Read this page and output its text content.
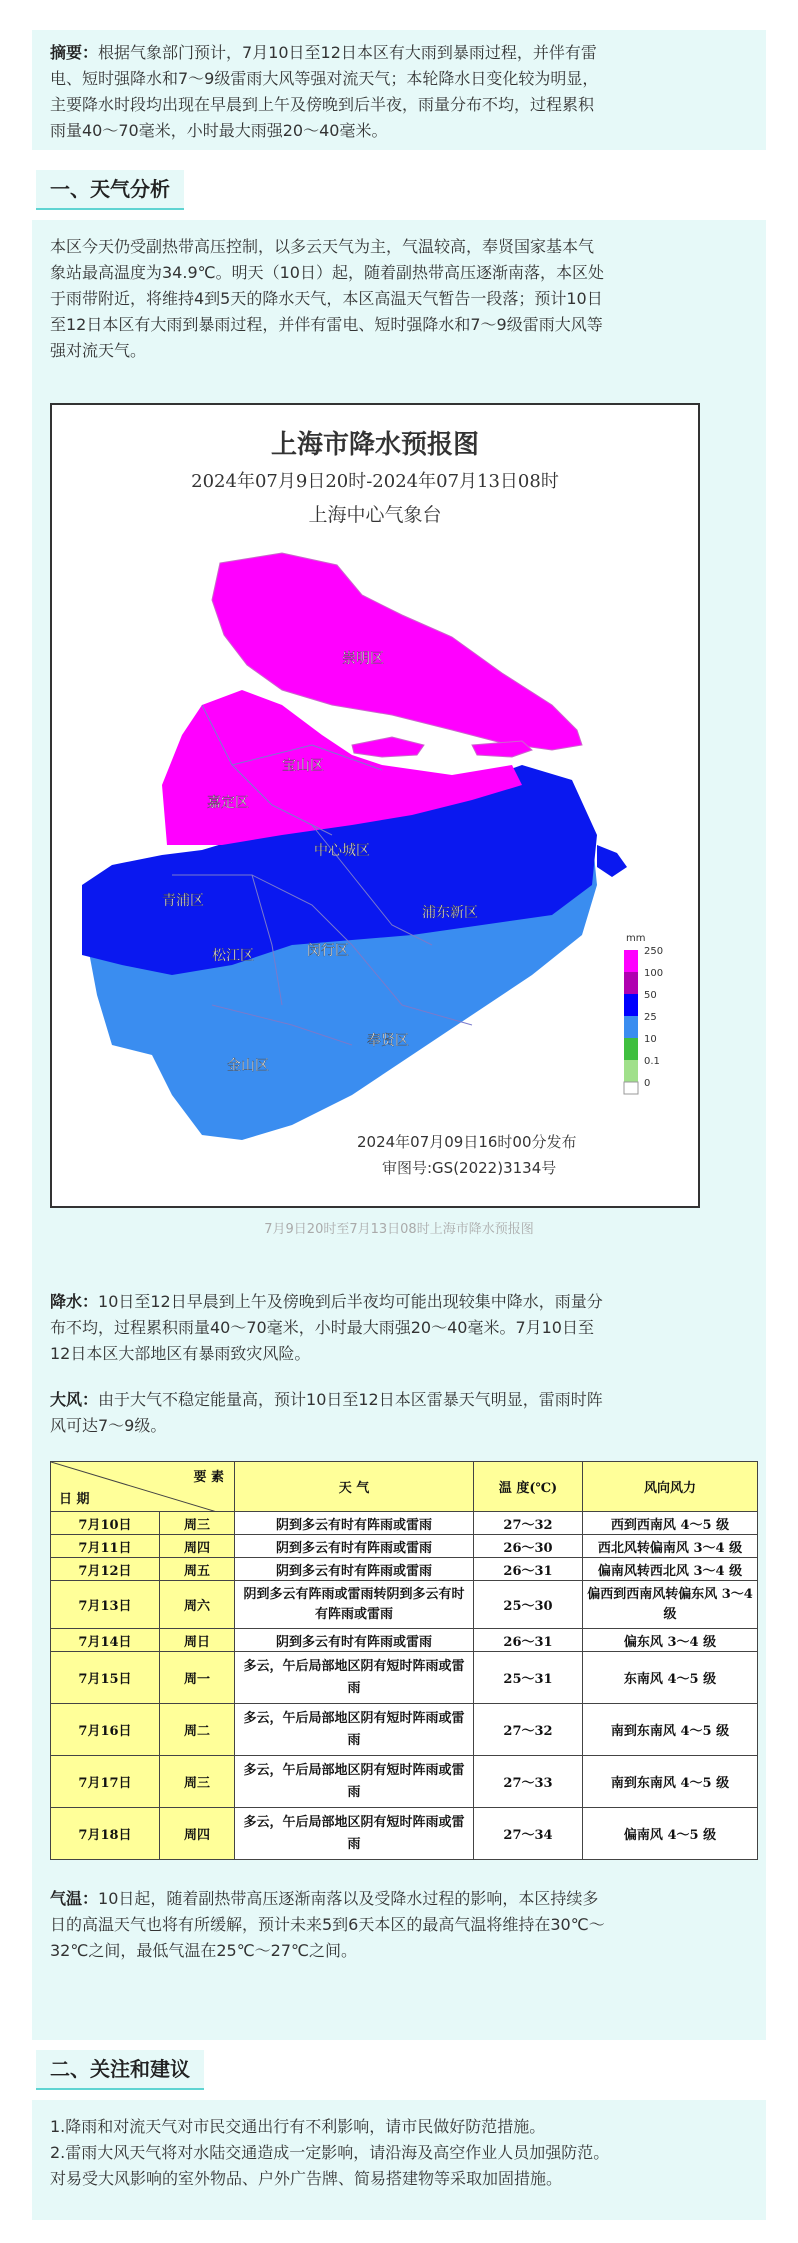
摘要：根据气象部门预计，7月10日至12日本区有大雨到暴雨过程，并伴有雷
电、短时强降水和7～9级雷雨大风等强对流天气；本轮降水日变化较为明显，
主要降水时段均出现在早晨到上午及傍晚到后半夜，雨量分布不均，过程累积
雨量40～70毫米，小时最大雨强20～40毫米。
一、天气分析
本区今天仍受副热带高压控制，以多云天气为主，气温较高，奉贤国家基本气
象站最高温度为34.9℃。明天（10日）起，随着副热带高压逐渐南落，本区处
于雨带附近，将维持4到5天的降水天气，本区高温天气暂告一段落；预计10日
至12日本区有大雨到暴雨过程，并伴有雷电、短时强降水和7～9级雷雨大风等
强对流天气。
上海市降水预报图
2024年07月9日20时-2024年07月13日08时
上海中心气象台
崇明区
宝山区
嘉定区
中心城区
浦东新区
青浦区
松江区	闵行区
奉贤区
金山区
mm
250
100
50
25
10
0.1
0
2024年07月09日16时00分发布
审图号:GS(2022)3134号
7月9日20时至7月13日08时上海市降水预报图
降水：10日至12日早晨到上午及傍晚到后半夜均可能出现较集中降水，雨量分
布不均，过程累积雨量40～70毫米，小时最大雨强20～40毫米。7月10日至
12日本区大部地区有暴雨致灾风险。
大风：由于大气不稳定能量高，预计10日至12日本区雷暴天气明显，雷雨时阵
风可达7～9级。
要 素
日 期		天 气	温 度(℃)	风向风力
7月10日	周三	阴到多云有时有阵雨或雷雨	27～32	西到西南风 4～5 级
7月11日	周四	阴到多云有时有阵雨或雷雨	26～30	西北风转偏南风 3～4 级
7月12日	周五	阴到多云有时有阵雨或雷雨	26～31	偏南风转西北风 3～4 级
7月13日	周六	阴到多云有阵雨或雷雨转阴到多云有时有阵雨或雷雨	25～30	偏西到西南风转偏东风 3～4 级
7月14日	周日	阴到多云有时有阵雨或雷雨	26～31	偏东风 3～4 级
7月15日	周一	多云，午后局部地区阴有短时阵雨或雷雨	25～31	东南风 4～5 级
7月16日	周二	多云，午后局部地区阴有短时阵雨或雷雨	27～32	南到东南风 4～5 级
7月17日	周三	多云，午后局部地区阴有短时阵雨或雷雨	27～33	南到东南风 4～5 级
7月18日	周四	多云，午后局部地区阴有短时阵雨或雷雨	27～34	偏南风 4～5 级
气温：10日起，随着副热带高压逐渐南落以及受降水过程的影响，本区持续多
日的高温天气也将有所缓解，预计未来5到6天本区的最高气温将维持在30℃～
32℃之间，最低气温在25℃～27℃之间。
二、关注和建议
1.降雨和对流天气对市民交通出行有不利影响，请市民做好防范措施。
2.雷雨大风天气将对水陆交通造成一定影响，请沿海及高空作业人员加强防范。
对易受大风影响的室外物品、户外广告牌、简易搭建物等采取加固措施。
